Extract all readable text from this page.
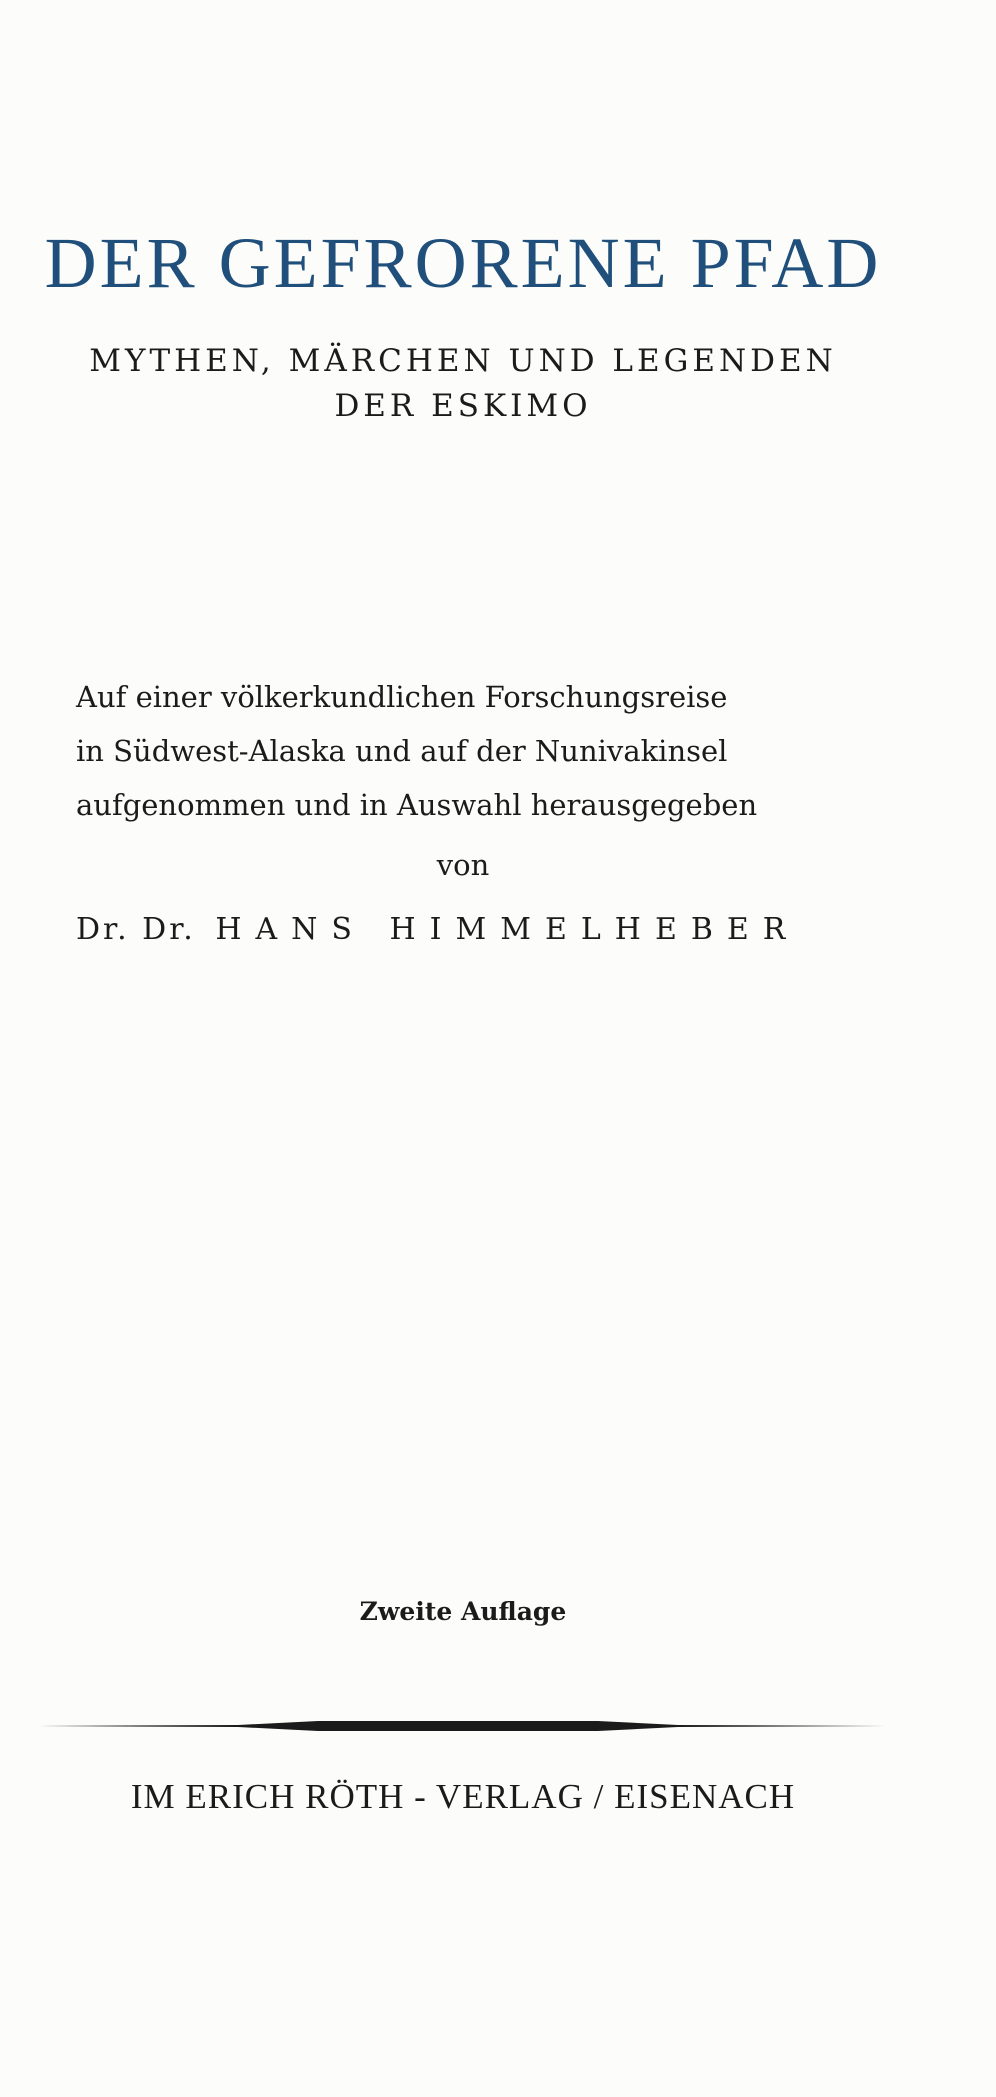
DER GEFRORENE PFAD

MYTHEN, MÄRCHEN UND LEGENDEN

DER ESKIMO

Auf einer völkerkundlichen Forschungsreise

in Südwest-Alaska und auf der Nunivakinsel

aufgenommen und in Auswahl herausgegeben

von

Dr. Dr. HANS HIMMELHEBER

Zweite Auflage

IM ERICH RÖTH - VERLAG / EISENACH
